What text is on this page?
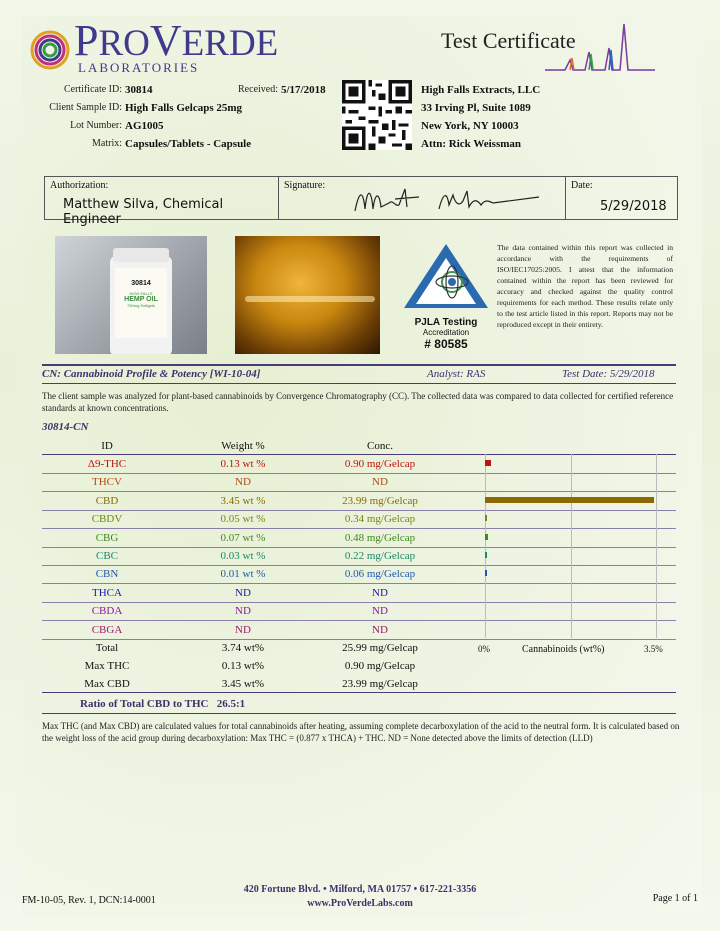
PROVERDE
LABORATORIES
Test Certificate
Certificate ID: 30814	Received: 5/17/2018
Client Sample ID: High Falls Gelcaps 25mg
Lot Number: AG1005
Matrix: Capsules/Tablets - Capsule
High Falls Extracts, LLC
33 Irving Pl, Suite 1089
New York, NY 10003
Attn: Rick Weissman
Authorization:
Matthew Silva, Chemical Engineer
Signature:	Date:
5/29/2018
30814
HIGH FALLS
HEMP OIL
750mg Softgels
PJLA Testing
Accreditation
# 80585
The data contained within this report was collected in accordance with the requirements of ISO/IEC17025:2005. I attest that the information contained within the report has been reviewed for accuracy and checked against the quality control requirements for each method. These results relate only to the test article listed in this report. Reports may not be reproduced except in their entirety.
CN: Cannabinoid Profile & Potency [WI-10-04]	Analyst: RAS	Test Date: 5/29/2018
The client sample was analyzed for plant-based cannabinoids by Convergence Chromatography (CC). The collected data was compared to data collected for certified reference standards at known concentrations.
30814-CN
ID	Weight %	Conc.
Δ9-THC	0.13 wt %	0.90 mg/Gelcap
THCV	ND	ND
CBD	3.45 wt %	23.99 mg/Gelcap
CBDV	0.05 wt %	0.34 mg/Gelcap
CBG	0.07 wt %	0.48 mg/Gelcap
CBC	0.03 wt %	0.22 mg/Gelcap
CBN	0.01 wt %	0.06 mg/Gelcap
THCA	ND	ND
CBDA	ND	ND
CBGA	ND	ND
0%	Cannabinoids (wt%)	3.5%
Total	3.74 wt%	25.99 mg/Gelcap
Max THC	0.13 wt%	0.90 mg/Gelcap
Max CBD	3.45 wt%	23.99 mg/Gelcap
Ratio of Total CBD to THC 26.5:1
Max THC (and Max CBD) are calculated values for total cannabinoids after heating, assuming complete decarboxylation of the acid to the neutral form. It is calculated based on the weight loss of the acid group during decarboxylation: Max THC = (0.877 x THCA) + THC. ND = None detected above the limits of detection (LLD)
420 Fortune Blvd. • Milford, MA 01757 • 617-221-3356
www.ProVerdeLabs.com
FM-10-05, Rev. 1, DCN:14-0001	Page 1 of 1
